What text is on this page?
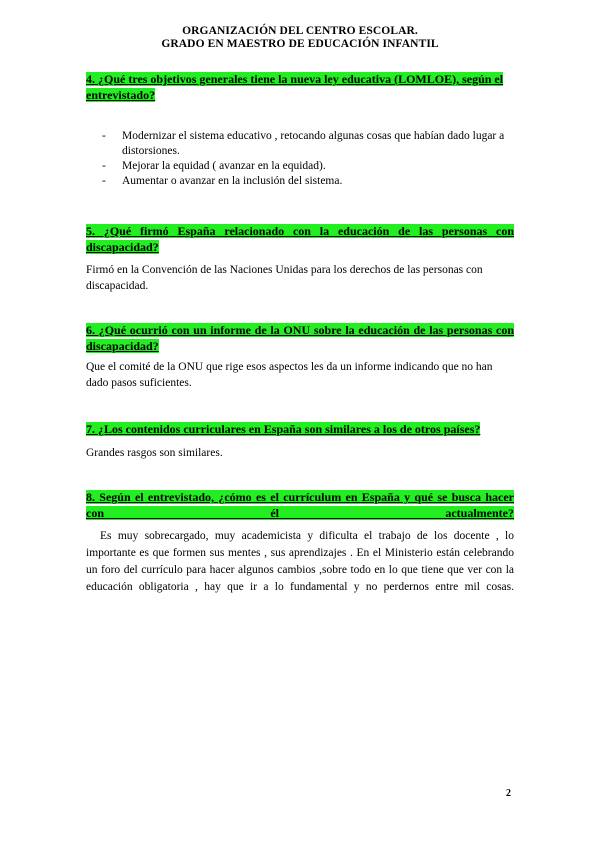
ORGANIZACIÓN DEL CENTRO ESCOLAR.
GRADO EN MAESTRO DE EDUCACIÓN INFANTIL
4. ¿Qué tres objetivos generales tiene la nueva ley educativa (LOMLOE), según el entrevistado?
- Modernizar el sistema educativo , retocando algunas cosas que habían dado lugar a distorsiones.
- Mejorar la equidad ( avanzar en la equidad).
- Aumentar o avanzar en la inclusión del sistema.
5. ¿Qué firmó España relacionado con la educación de las personas con discapacidad?
Firmó en la Convención de las Naciones Unidas para los derechos de las personas con discapacidad.
6. ¿Qué ocurrió con un informe de la ONU sobre la educación de las personas con discapacidad?
Que el comité de la ONU que rige esos aspectos les da un informe indicando que no han dado pasos suficientes.
7. ¿Los contenidos curriculares en España son similares a los de otros países?
Grandes rasgos son similares.
8. Según el entrevistado, ¿cómo es el currículum en España y qué se busca hacer con él actualmente?
Es muy sobrecargado, muy academicista y dificulta el trabajo de los docente , lo importante es que formen sus mentes , sus aprendizajes . En el Ministerio están celebrando un foro del currículo para hacer algunos cambios ,sobre todo en lo que tiene que ver con la educación obligatoria , hay que ir a lo fundamental y no perdernos entre mil cosas.
2
